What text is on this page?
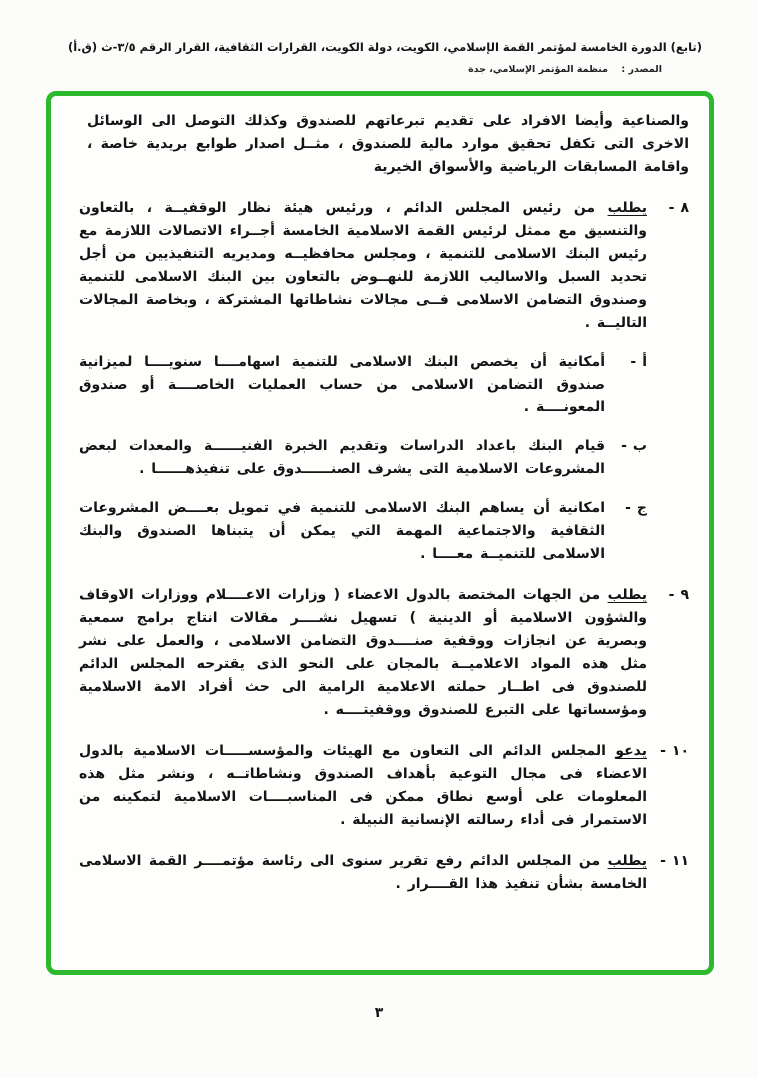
(تابع) الدورة الخامسة لمؤتمر القمة الإسلامي، الكويت، دولة الكويت، القرارات الثقافية، القرار الرقم ٣/٥-ث (ق.أ)
المصدر : منظمة المؤتمر الإسلامي، جدة

والصناعية وأيضا الافراد على تقديم تبرعاتهم للصندوق وكذلك التوصل الى الوسائل الاخرى التى تكفل تحقيق موارد مالية للصندوق ، مثــل اصدار طوابع بريدية خاصة ، واقامة المسابقات الرياضية والأسواق الخيرية

٨-

يطلب من رئيس المجلس الدائم ، ورئيس هيئة نظار الوقفيــة ، بالتعاون والتنسيق مع ممثل لرئيس القمة الاسلامية الخامسة أجــراء الاتصالات اللازمة مع رئيس البنك الاسلامى للتنمية ، ومجلس محافظيــه ومديريه التنفيذيين من أجل تحديد السبل والاساليب اللازمة للنهــوض بالتعاون بين البنك الاسلامى للتنمية وصندوق التضامن الاسلامى فــى مجالات نشاطاتها المشتركة ، وبخاصة المجالات التاليــة .

أ-
أمكانية أن يخصص البنك الاسلامى للتنمية اسهامــــا سنويــــا لميزانية صندوق التضامن الاسلامى من حساب العمليات الخاصــــة أو صندوق المعونــــة .
ب-
قيام البنك باعداد الدراسات وتقديم الخبرة الفنيــــــة والمعدات لبعض المشروعات الاسلامية التى يشرف الصنــــــدوق على تنفيذهــــــا .
ج-
امكانية أن يساهم البنك الاسلامى للتنمية في تمويل بعــــض المشروعات الثقافية والاجتماعية المهمة التي يمكن أن يتبناها الصندوق والبنك الاسلامى للتنميــة معــــا .
٩-

يطلب من الجهات المختصة بالدول الاعضاء ( وزارات الاعــــلام ووزارات الاوقاف والشؤون الاسلامية أو الدينية ) تسهيل نشــــر مقالات انتاج برامج سمعية وبصرية عن انجازات ووقفية صنــــدوق التضامن الاسلامى ، والعمل على نشر مثل هذه المواد الاعلاميــة بالمجان على النحو الذى يقترحه المجلس الدائم للصندوق فى اطــار حملته الاعلامية الرامية الى حث أفراد الامة الاسلامية ومؤسساتها على التبرع للصندوق ووقفيتــــه .

١٠-

يدعو المجلس الدائم الى التعاون مع الهيئات والمؤسســـــات الاسلامية بالدول الاعضاء فى مجال التوعية بأهداف الصندوق ونشاطاتــه ، ونشر مثل هذه المعلومات على أوسع نطاق ممكن فى المناسبــــات الاسلامية لتمكينه من الاستمرار فى أداء رسالته الإنسانية النبيلة .

١١-

يطلب من المجلس الدائم رفع تقرير سنوى الى رئاسة مؤتمــــر القمة الاسلامى الخامسة بشأن تنفيذ هذا القــــرار .

٣
